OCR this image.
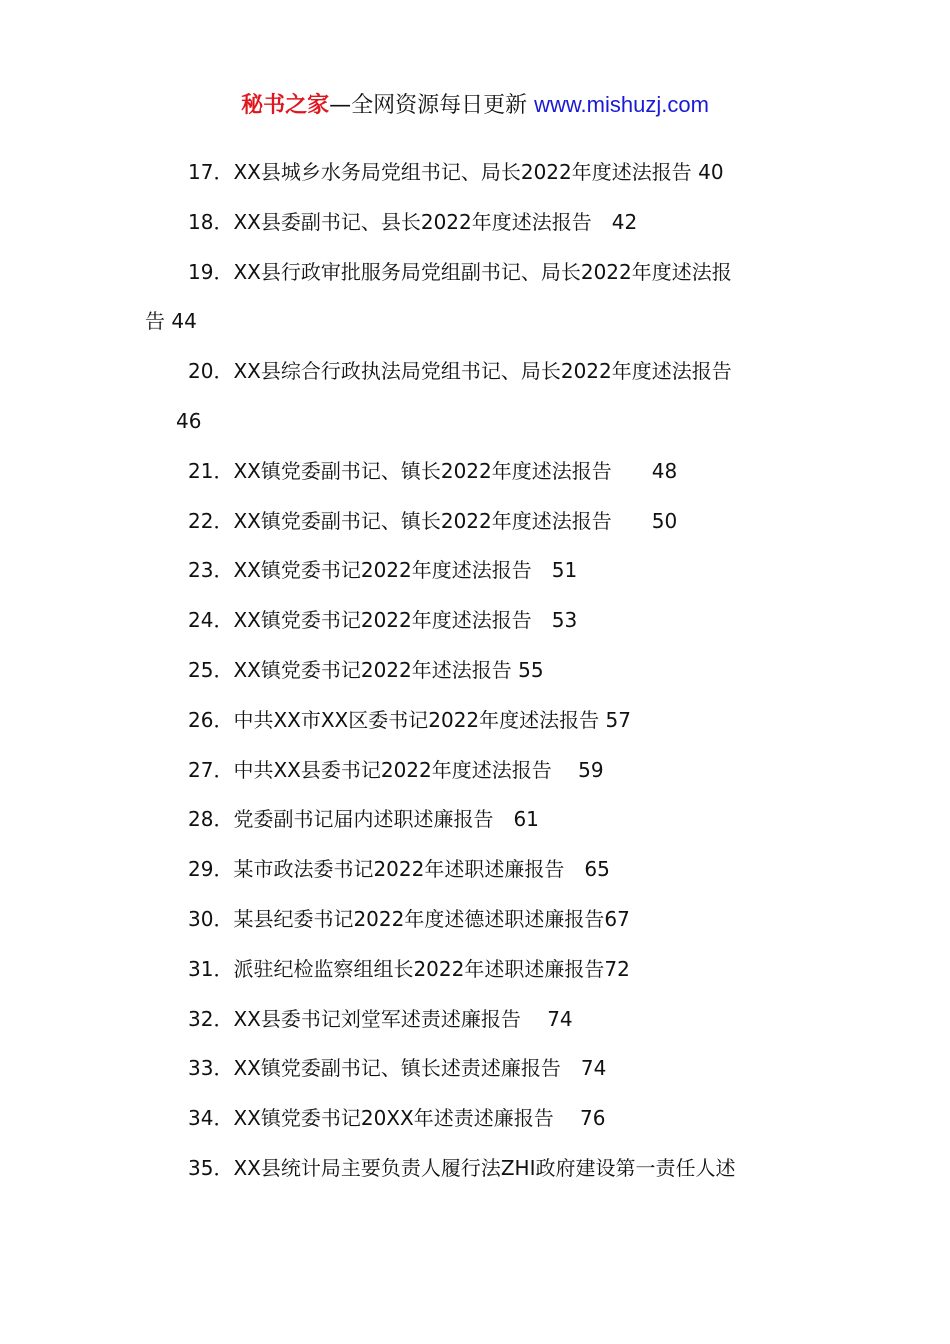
秘书之家—全网资源每日更新 www.mishuzj.com
17．XX县城乡水务局党组书记、局长2022年度述法报告 40
18．XX县委副书记、县长2022年度述法报告　42
19．XX县行政审批服务局党组副书记、局长2022年度述法报
告 44
20．XX县综合行政执法局党组书记、局长2022年度述法报告
46
21．XX镇党委副书记、镇长2022年度述法报告　　48
22．XX镇党委副书记、镇长2022年度述法报告　　50
23．XX镇党委书记2022年度述法报告　51
24．XX镇党委书记2022年度述法报告　53
25．XX镇党委书记2022年述法报告 55
26．中共XX市XX区委书记2022年度述法报告 57
27．中共XX县委书记2022年度述法报告　 59
28．党委副书记届内述职述廉报告　61
29．某市政法委书记2022年述职述廉报告　65
30．某县纪委书记2022年度述德述职述廉报告67
31．派驻纪检监察组组长2022年述职述廉报告72
32．XX县委书记刘堂军述责述廉报告　 74
33．XX镇党委副书记、镇长述责述廉报告　74
34．XX镇党委书记20XX年述责述廉报告　 76
35．XX县统计局主要负责人履行法ZHI政府建设第一责任人述
